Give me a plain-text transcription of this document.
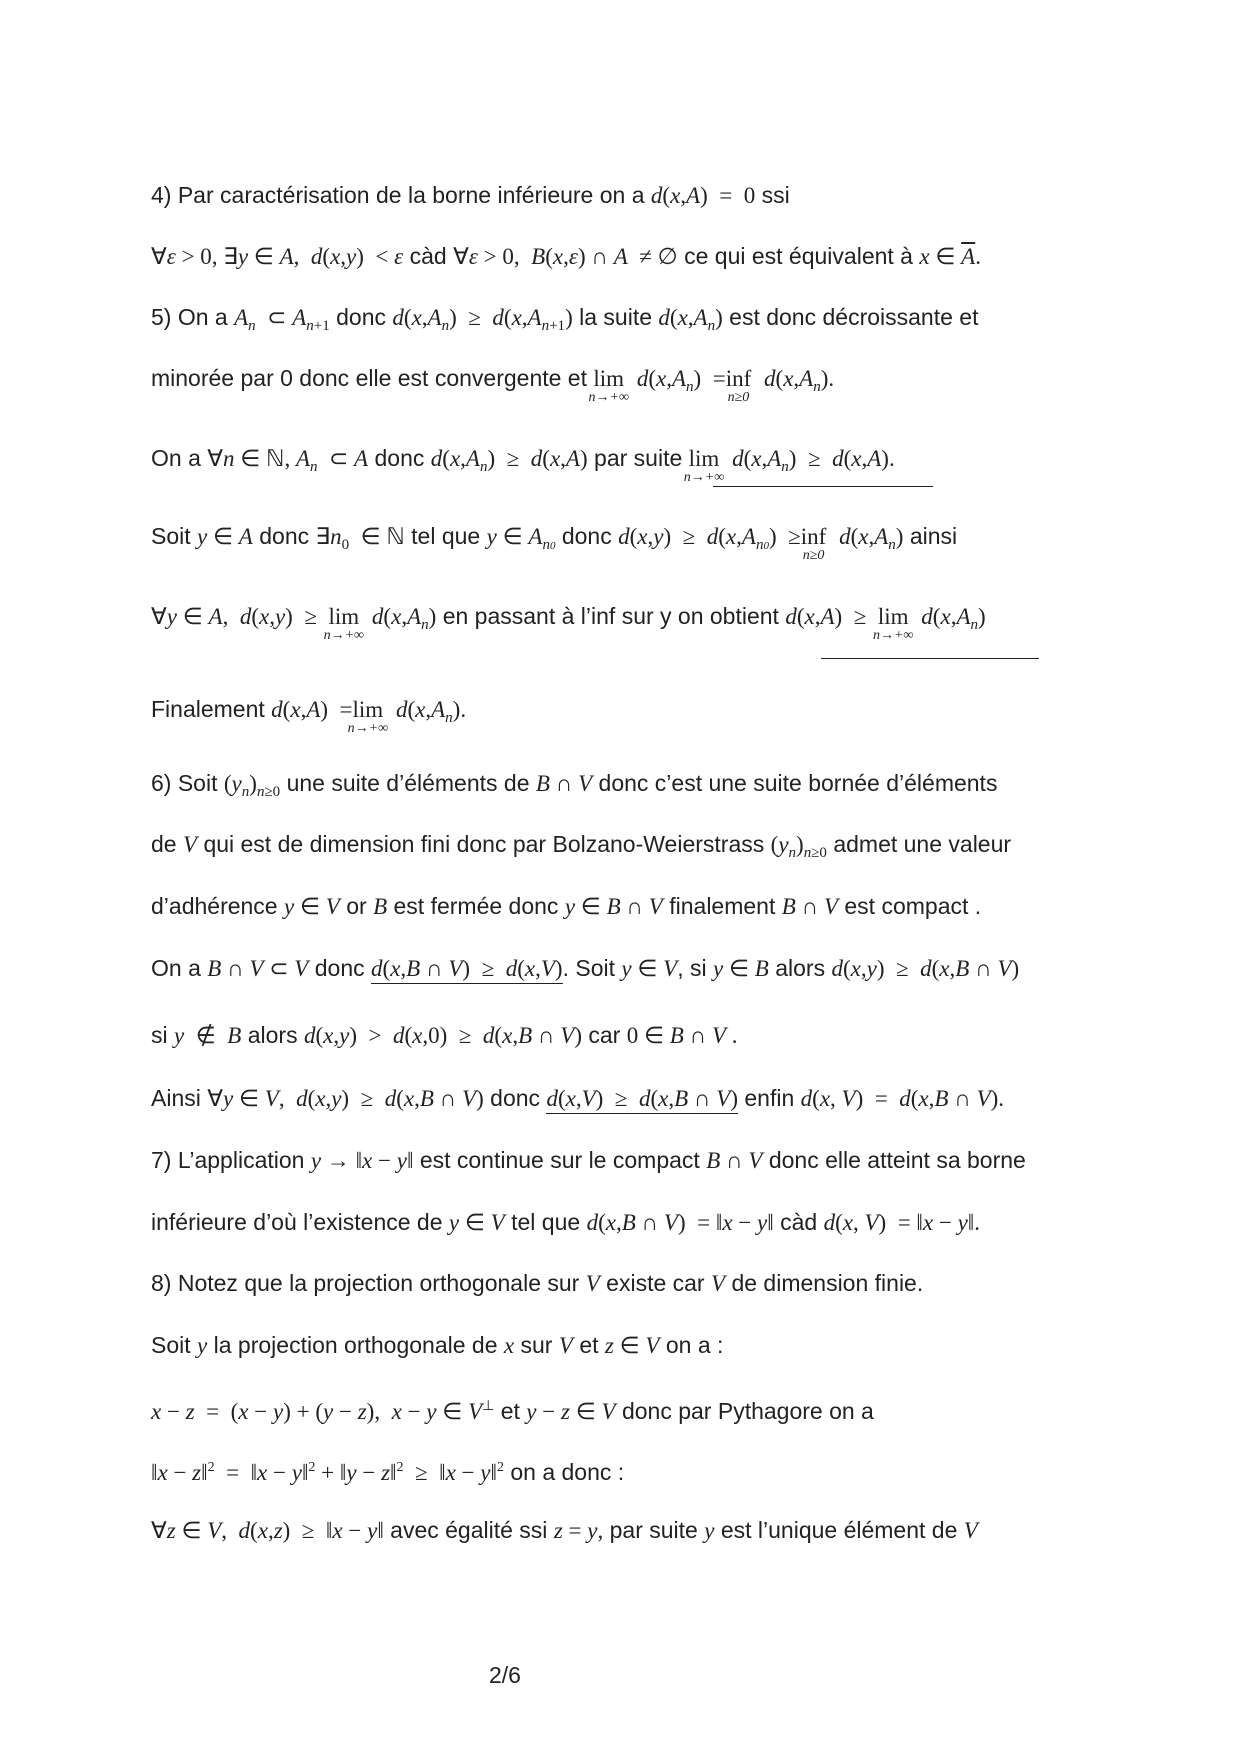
4) Par caractérisation de la borne inférieure on a d(x,A)  =  0 ssi
∀ε > 0, ∃y ∈ A,  d(x,y)  < ε càd ∀ε > 0,  B(x,ε) ∩ A  ≠ ∅ ce qui est équivalent à x ∈ $\overline{A}$.
5) On a $A_n$  ⊂ $A_{n+1}$ donc $d(x,A_n) \ge d(x,A_{n+1})$ la suite $d(x,A_n)$ est donc décroissante et
minorée par 0 donc elle est convergente et lim
n→+∞
$d(x,A_n) =inf$
n≥0
$d(x,A_n)$.
On a ∀n ∈ ℕ, $A_n$  ⊂ A donc $d(x,A_n) \ge d(x,A)$ par suite lim
n→+∞
$d(x,A_n) \ge d(x,A)$.
Soit y ∈ A donc $\exists n_0$  ∈ ℕ tel que y ∈ $A_{n0}$ donc $d(x,y) \ge d(x,A_{n0}) \ge inf$
n≥0
$d(x,A_n)$ ainsi
∀y ∈ A,  d(x,y)  ≥  lim
n→+∞
$d(x,A_n)$ en passant à l’inf sur y on obtient d(x,A)  ≥  lim
n→+∞
$d(x,A_n)$
Finalement d(x,A)  =lim
n→+∞
$d(x,A_n)$.
6) Soit $(y_n)_{n\ge 0}$ une suite d’éléments de B ∩ V donc c’est une suite bornée d’éléments
de V qui est de dimension fini donc par Bolzano-Weierstrass $(y_n)_{n\ge 0}$ admet une valeur
d’adhérence y ∈ V or B est fermée donc y ∈ B ∩ V finalement B ∩ V est compact .
On a B ∩ V ⊂ V donc d(x,B ∩ V)  ≥  d(x,V). Soit y ∈ V, si y ∈ B alors d(x,y)  ≥  d(x,B ∩ V)
si y  ∉  B alors d(x,y)  >  d(x,0)  ≥  d(x,B ∩ V) car 0 ∈ B ∩ V .
Ainsi ∀y ∈ V,  d(x,y)  ≥  d(x,B ∩ V) donc d(x,V)  ≥  d(x,B ∩ V) enfin d(x, V)  =  d(x,B ∩ V).
7) L’application y → ‖x − y‖ est continue sur le compact B ∩ V donc elle atteint sa borne
inférieure d’où l’existence de y ∈ V tel que d(x,B ∩ V)  = ‖x − y‖ càd d(x, V)  = ‖x − y‖.
8) Notez que la projection orthogonale sur V existe car V de dimension finie.
Soit y la projection orthogonale de x sur V et z ∈ V on a :
x − z  =  (x − y) + (y − z),  x − y ∈ V⊥ et y − z ∈ V donc par Pythagore on a
‖x − z‖$^2$  =  ‖x − y‖$^2$ + ‖y − z‖$^2$  ≥  ‖x − y‖$^2$ on a donc :
∀z ∈ V,  d(x,z)  ≥  ‖x − y‖ avec égalité ssi z = y, par suite y est l’unique élément de V
2/6
